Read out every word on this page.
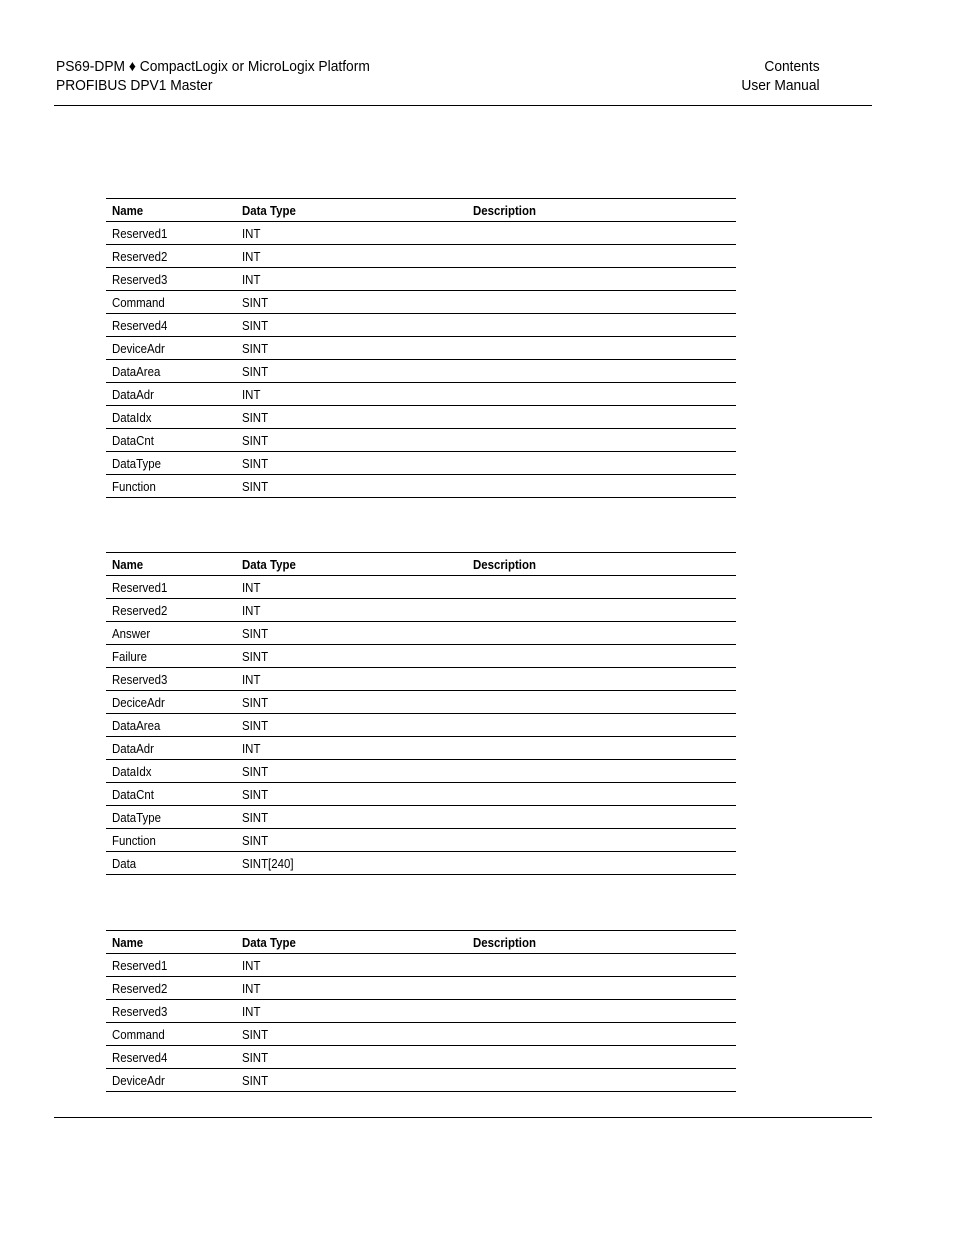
PS69-DPM ♦ CompactLogix or MicroLogix Platform
PROFIBUS DPV1 Master
Contents
User Manual
Name	Data Type	Description
Reserved1	INT	
Reserved2	INT	
Reserved3	INT	
Command	SINT	
Reserved4	SINT	
DeviceAdr	SINT	
DataArea	SINT	
DataAdr	INT	
DataIdx	SINT	
DataCnt	SINT	
DataType	SINT	
Function	SINT	
Name	Data Type	Description
Reserved1	INT	
Reserved2	INT	
Answer	SINT	
Failure	SINT	
Reserved3	INT	
DeciceAdr	SINT	
DataArea	SINT	
DataAdr	INT	
DataIdx	SINT	
DataCnt	SINT	
DataType	SINT	
Function	SINT	
Data	SINT[240]	
Name	Data Type	Description
Reserved1	INT	
Reserved2	INT	
Reserved3	INT	
Command	SINT	
Reserved4	SINT	
DeviceAdr	SINT	
